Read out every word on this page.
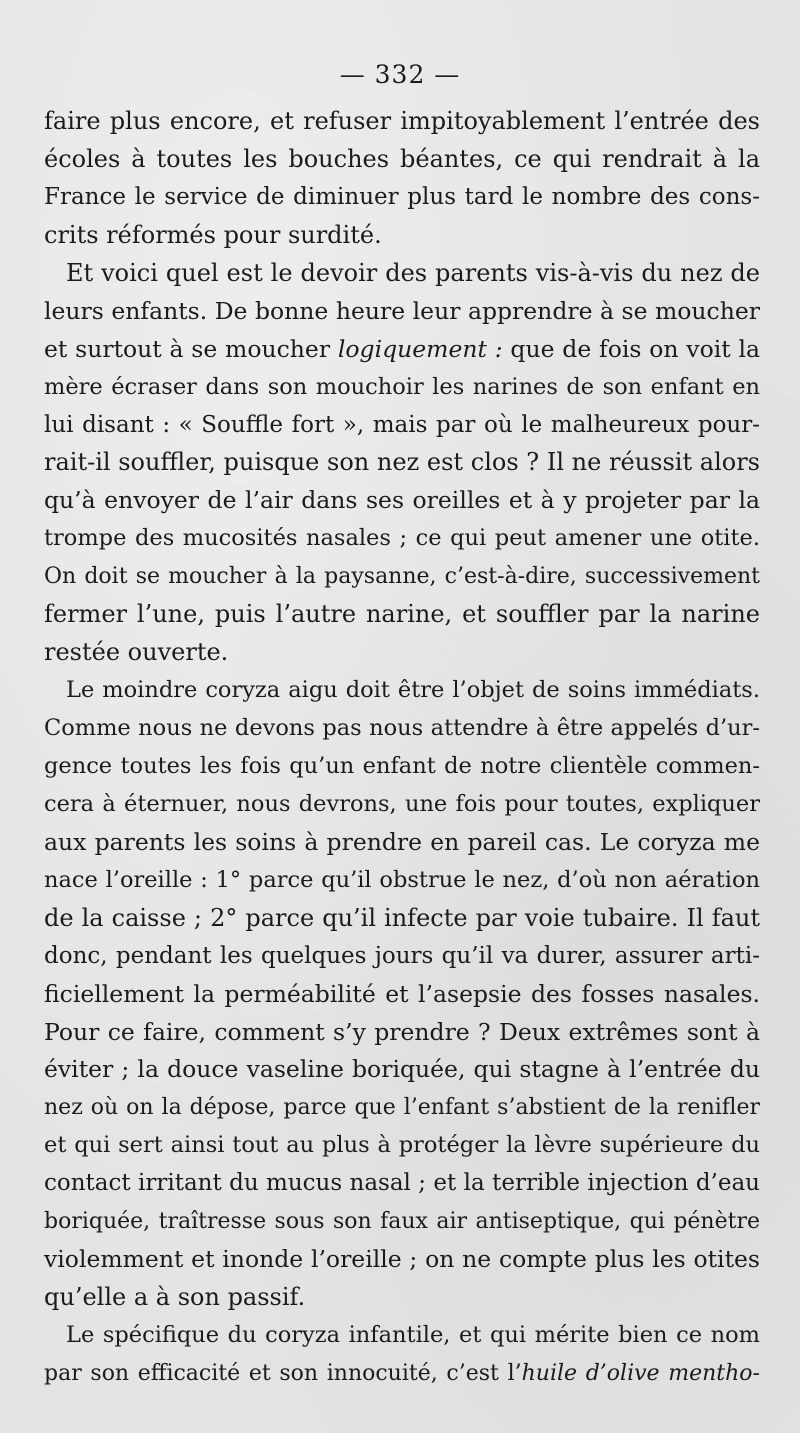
— 332 —
faire plus encore, et refuser impitoyablement l’entrée des
écoles à toutes les bouches béantes, ce qui rendrait à la
France le service de diminuer plus tard le nombre des cons-
crits réformés pour surdité.
Et voici quel est le devoir des parents vis-à-vis du nez de
leurs enfants. De bonne heure leur apprendre à se moucher
et surtout à se moucher logiquement : que de fois on voit la
mère écraser dans son mouchoir les narines de son enfant en
lui disant : « Souffle fort », mais par où le malheureux pour-
rait-il souffler, puisque son nez est clos ? Il ne réussit alors
qu’à envoyer de l’air dans ses oreilles et à y projeter par la
trompe des mucosités nasales ; ce qui peut amener une otite.
On doit se moucher à la paysanne, c’est-à-dire, successivement
fermer l’une, puis l’autre narine, et souffler par la narine
restée ouverte.
Le moindre coryza aigu doit être l’objet de soins immédiats.
Comme nous ne devons pas nous attendre à être appelés d’ur-
gence toutes les fois qu’un enfant de notre clientèle commen-
cera à éternuer, nous devrons, une fois pour toutes, expliquer
aux parents les soins à prendre en pareil cas. Le coryza me
nace l’oreille : 1° parce qu’il obstrue le nez, d’où non aération
de la caisse ; 2° parce qu’il infecte par voie tubaire. Il faut
donc, pendant les quelques jours qu’il va durer, assurer arti-
ficiellement la perméabilité et l’asepsie des fosses nasales.
Pour ce faire, comment s’y prendre ? Deux extrêmes sont à
éviter ; la douce vaseline boriquée, qui stagne à l’entrée du
nez où on la dépose, parce que l’enfant s’abstient de la renifler
et qui sert ainsi tout au plus à protéger la lèvre supérieure du
contact irritant du mucus nasal ; et la terrible injection d’eau
boriquée, traîtresse sous son faux air antiseptique, qui pénètre
violemment et inonde l’oreille ; on ne compte plus les otites
qu’elle a à son passif.
Le spécifique du coryza infantile, et qui mérite bien ce nom
par son efficacité et son innocuité, c’est l’huile d’olive mentho-
